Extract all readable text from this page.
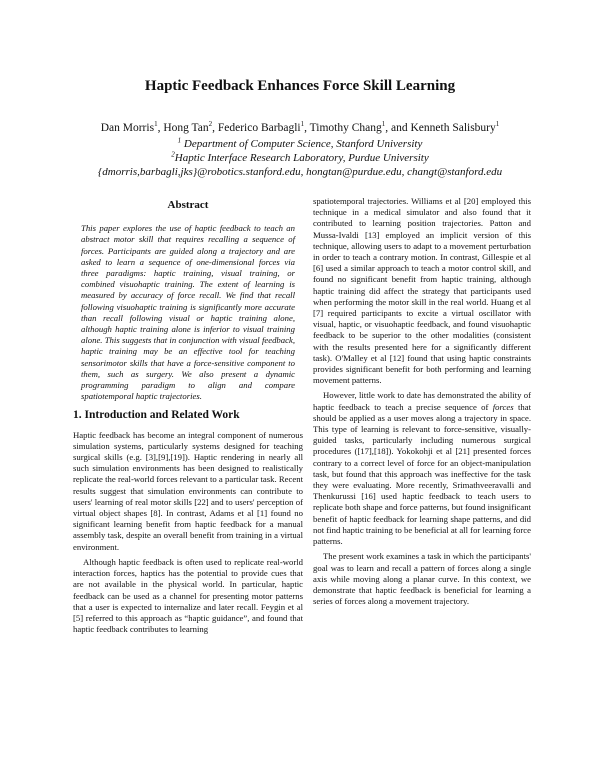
Haptic Feedback Enhances Force Skill Learning
Dan Morris$^1$, Hong Tan$^2$, Federico Barbagli$^1$, Timothy Chang$^1$, and Kenneth Salisbury$^1$
$^1$ Department of Computer Science, Stanford University
$^2$Haptic Interface Research Laboratory, Purdue University
{dmorris,barbagli,jks}@robotics.stanford.edu, hongtan@purdue.edu, changt@stanford.edu
Abstract

This paper explores the use of haptic feedback to teach an abstract motor skill that requires recalling a sequence of forces. Participants are guided along a trajectory and are asked to learn a sequence of one-dimensional forces via three paradigms: haptic training, visual training, or combined visuohaptic training. The extent of learning is measured by accuracy of force recall. We find that recall following visuohaptic training is significantly more accurate than recall following visual or haptic training alone, although haptic training alone is inferior to visual training alone. This suggests that in conjunction with visual feedback, haptic training may be an effective tool for teaching sensorimotor skills that have a force-sensitive component to them, such as surgery. We also present a dynamic programming paradigm to align and compare spatiotemporal haptic trajectories.

1. Introduction and Related Work

Haptic feedback has become an integral component of numerous simulation systems, particularly systems designed for teaching surgical skills (e.g. [3],[9],[19]). Haptic rendering in nearly all such simulation environments has been designed to realistically replicate the real-world forces relevant to a particular task. Recent results suggest that simulation environments can contribute to users' learning of real motor skills [22] and to users' perception of virtual object shapes [8]. In contrast, Adams et al [1] found no significant learning benefit from haptic feedback for a manual assembly task, despite an overall benefit from training in a virtual environment.

Although haptic feedback is often used to replicate real-world interaction forces, haptics has the potential to provide cues that are not available in the physical world. In particular, haptic feedback can be used as a channel for presenting motor patterns that a user is expected to internalize and later recall. Feygin et al [5] referred to this approach as “haptic guidance”, and found that haptic feedback contributes to learning

spatiotemporal trajectories. Williams et al [20] employed this technique in a medical simulator and also found that it contributed to learning position trajectories. Patton and Mussa-Ivaldi [13] employed an implicit version of this technique, allowing users to adapt to a movement perturbation in order to teach a contrary motion. In contrast, Gillespie et al [6] used a similar approach to teach a motor control skill, and found no significant benefit from haptic training, although haptic training did affect the strategy that participants used when performing the motor skill in the real world. Huang et al [7] required participants to excite a virtual oscillator with visual, haptic, or visuohaptic feedback, and found visuohaptic feedback to be superior to the other modalities (consistent with the results presented here for a significantly different task). O'Malley et al [12] found that using haptic constraints provides significant benefit for both performing and learning movement patterns.

However, little work to date has demonstrated the ability of haptic feedback to teach a precise sequence of forces that should be applied as a user moves along a trajectory in space. This type of learning is relevant to force-sensitive, visually-guided tasks, particularly including numerous surgical procedures ([17],[18]). Yokokohji et al [21] presented forces contrary to a correct level of force for an object-manipulation task, but found that this approach was ineffective for the task they were evaluating. More recently, Srimathveeravalli and Thenkurussi [16] used haptic feedback to teach users to replicate both shape and force patterns, but found insignificant benefit of haptic feedback for learning shape patterns, and did not find haptic training to be beneficial at all for learning force patterns.

The present work examines a task in which the participants' goal was to learn and recall a pattern of forces along a single axis while moving along a planar curve. In this context, we demonstrate that haptic feedback is beneficial for learning a series of forces along a movement trajectory.
